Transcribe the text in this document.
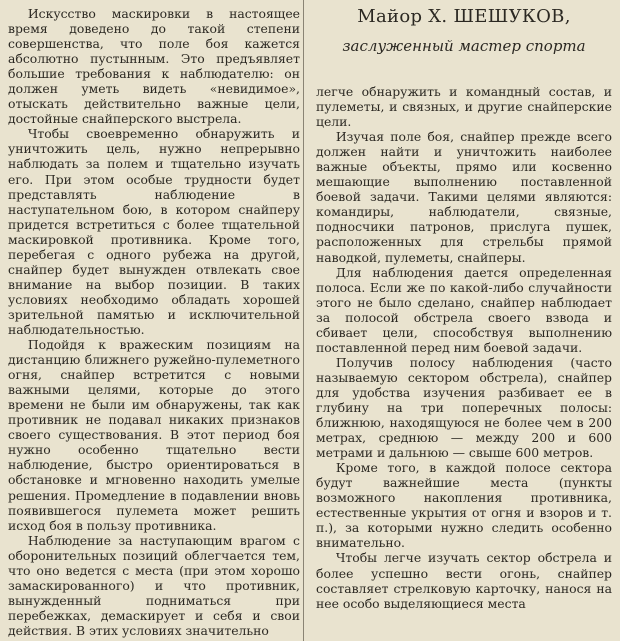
Искусство маскировки в настоящее время доведено до такой степени совершенства, что поле боя кажется абсолютно пустынным. Это предъявляет большие требования к наблюдателю: он должен уметь видеть «невидимое», отыскать действительно важные цели, достойные снайперского выстрела.

Чтобы своевременно обнаружить и уничтожить цель, нужно непрерывно наблюдать за полем и тщательно изучать его. При этом особые трудности будет представлять наблюдение в наступательном бою, в котором снайперу придется встретиться с более тщательной маскировкой противника. Кроме того, перебегая с одного рубежа на другой, снайпер будет вынужден отвлекать свое внимание на выбор позиции. В таких условиях необходимо обладать хорошей зрительной памятью и исключительной наблюдательностью.

Подойдя к вражеским позициям на дистанцию ближнего ружейно-пулеметного огня, снайпер встретится с новыми важными целями, которые до этого времени не были им обнаружены, так как противник не подавал никаких признаков своего существования. В этот период боя нужно особенно тщательно вести наблюдение, быстро ориентироваться в обстановке и мгновенно находить умелые решения. Промедление в подавлении вновь появившегося пулемета может решить исход боя в пользу противника.

Наблюдение за наступающим врагом с оборонительных позиций облегчается тем, что оно ведется с места (при этом хорошо замаскированного) и что противник, вынужденный подниматься при перебежках, демаскирует и себя и свои действия. В этих условиях значительно

Майор Х. ШЕШУКОВ,
заслуженный мастер спорта

легче обнаружить и командный состав, и пулеметы, и связных, и другие снайперские цели.

Изучая поле боя, снайпер прежде всего должен найти и уничтожить наиболее важные объекты, прямо или косвенно мешающие выполнению поставленной боевой задачи. Такими целями являются: командиры, наблюдатели, связные, подносчики патронов, прислуга пушек, расположенных для стрельбы прямой наводкой, пулеметы, снайперы.

Для наблюдения дается определенная полоса. Если же по какой-либо случайности этого не было сделано, снайпер наблюдает за полосой обстрела своего взвода и сбивает цели, способствуя выполнению поставленной перед ним боевой задачи.

Получив полосу наблюдения (часто называемую сектором обстрела), снайпер для удобства изучения разбивает ее в глубину на три поперечных полосы: ближнюю, находящуюся не более чем в 200 метрах, среднюю — между 200 и 600 метрами и дальнюю — свыше 600 метров.

Кроме того, в каждой полосе сектора будут важнейшие места (пункты возможного накопления противника, естественные укрытия от огня и взоров и т. п.), за которыми нужно следить особенно внимательно.

Чтобы легче изучать сектор обстрела и более успешно вести огонь, снайпер составляет стрелковую карточку, нанося на нее особо выделяющиеся места
